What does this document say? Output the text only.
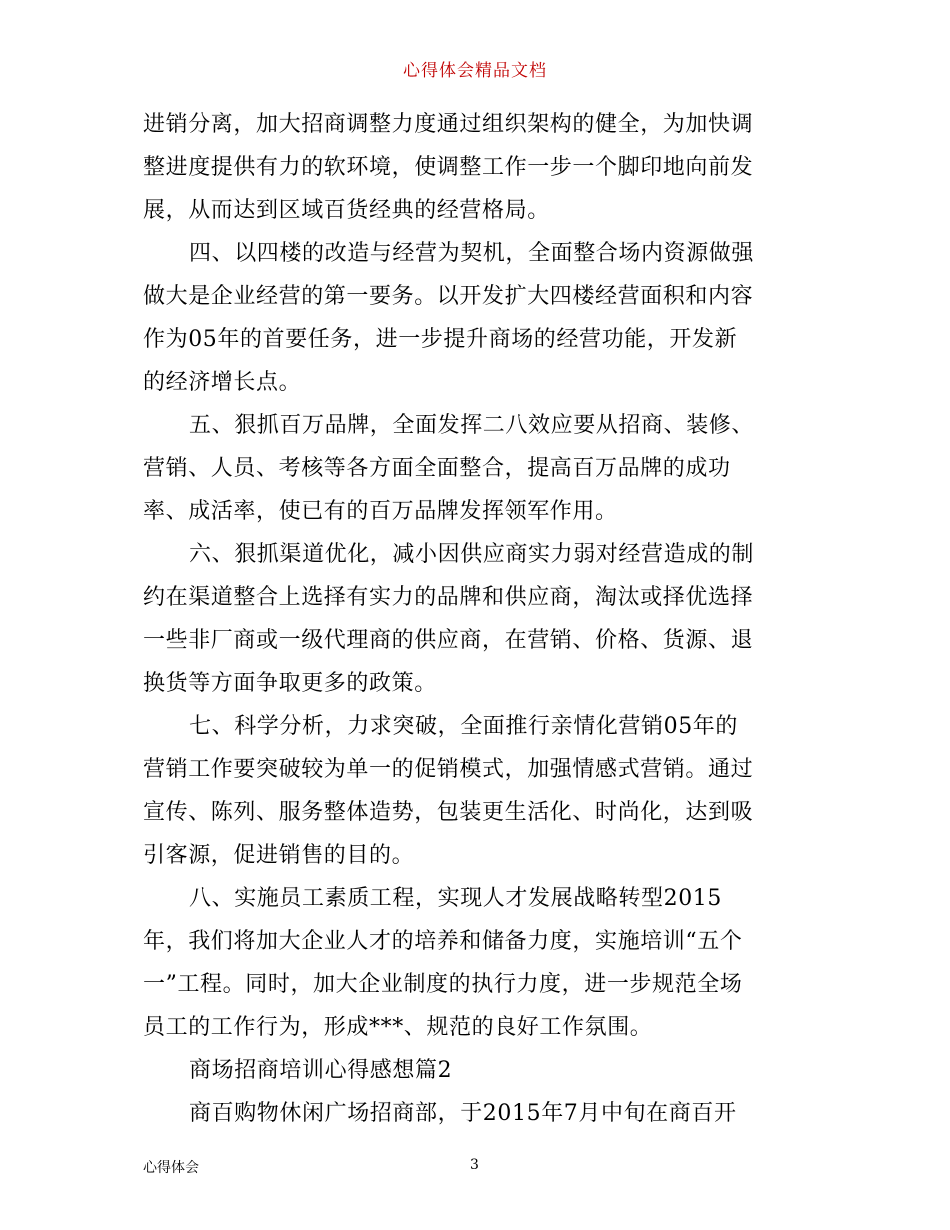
心得体会精品文档
进销分离，加大招商调整力度通过组织架构的健全，为加快调
整进度提供有力的软环境，使调整工作一步一个脚印地向前发
展，从而达到区域百货经典的经营格局。
四、以四楼的改造与经营为契机，全面整合场内资源做强
做大是企业经营的第一要务。以开发扩大四楼经营面积和内容
作为05年的首要任务，进一步提升商场的经营功能，开发新
的经济增长点。
五、狠抓百万品牌，全面发挥二八效应要从招商、装修、
营销、人员、考核等各方面全面整合，提高百万品牌的成功
率、成活率，使已有的百万品牌发挥领军作用。
六、狠抓渠道优化，减小因供应商实力弱对经营造成的制
约在渠道整合上选择有实力的品牌和供应商，淘汰或择优选择
一些非厂商或一级代理商的供应商，在营销、价格、货源、退
换货等方面争取更多的政策。
七、科学分析，力求突破，全面推行亲情化营销05年的
营销工作要突破较为单一的促销模式，加强情感式营销。通过
宣传、陈列、服务整体造势，包装更生活化、时尚化，达到吸
引客源，促进销售的目的。
八、实施员工素质工程，实现人才发展战略转型2015
年，我们将加大企业人才的培养和储备力度，实施培训“五个
一”工程。同时，加大企业制度的执行力度，进一步规范全场
员工的工作行为，形成***、规范的良好工作氛围。
商场招商培训心得感想篇2
商百购物休闲广场招商部，于2015年7月中旬在商百开
心得体会	3
